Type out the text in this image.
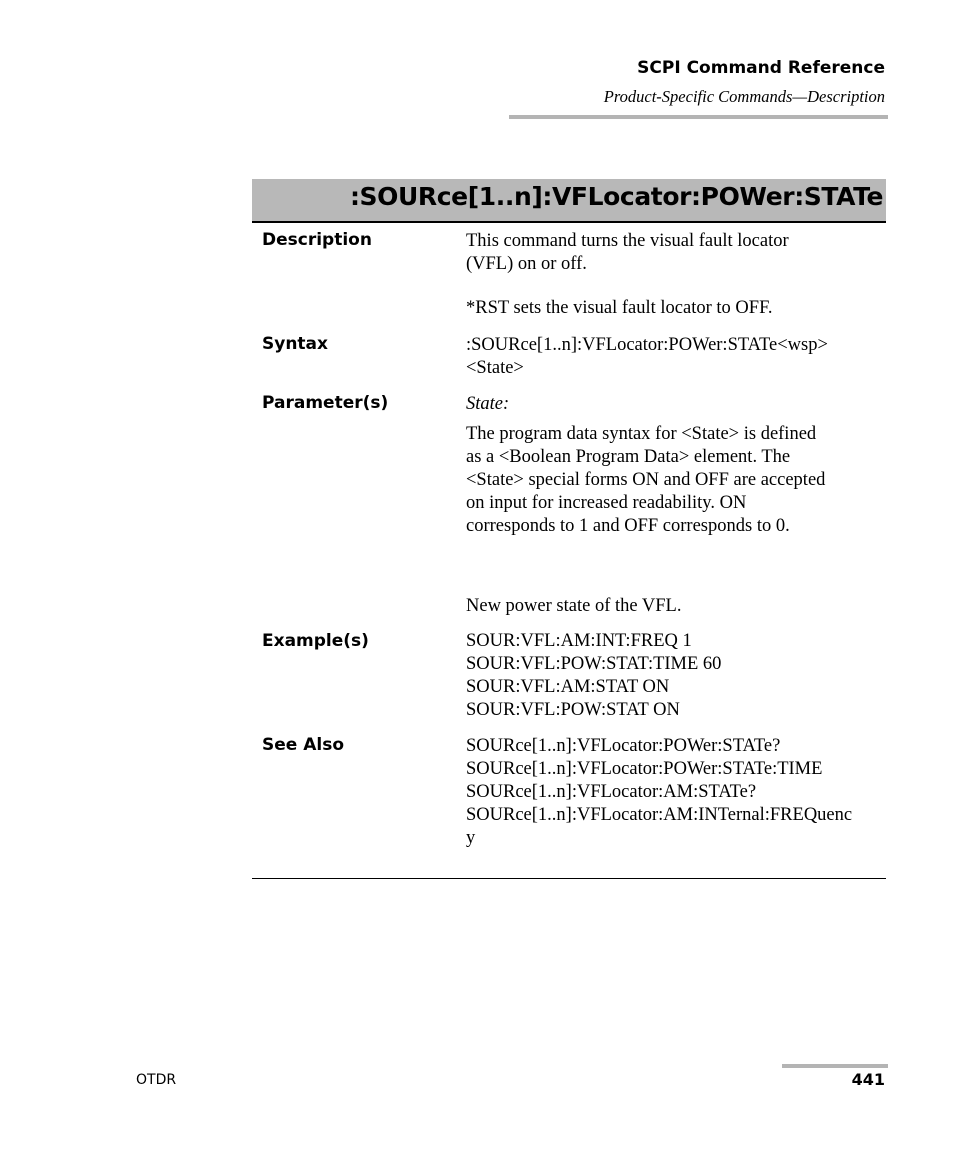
SCPI Command Reference
Product-Specific Commands—Description
:SOURce[1..n]:VFLocator:POWer:STATe
Description	This command turns the visual fault locator
(VFL) on or off.
*RST sets the visual fault locator to OFF.
Syntax	:SOURce[1..n]:VFLocator:POWer:STATe<wsp>
<State>
Parameter(s)	State:
The program data syntax for <State> is defined
as a <Boolean Program Data> element. The
<State> special forms ON and OFF are accepted
on input for increased readability. ON
corresponds to 1 and OFF corresponds to 0.
New power state of the VFL.
Example(s)	SOUR:VFL:AM:INT:FREQ 1
SOUR:VFL:POW:STAT:TIME 60
SOUR:VFL:AM:STAT ON
SOUR:VFL:POW:STAT ON
See Also	SOURce[1..n]:VFLocator:POWer:STATe?
SOURce[1..n]:VFLocator:POWer:STATe:TIME
SOURce[1..n]:VFLocator:AM:STATe?
SOURce[1..n]:VFLocator:AM:INTernal:FREQuenc
y
OTDR	441
